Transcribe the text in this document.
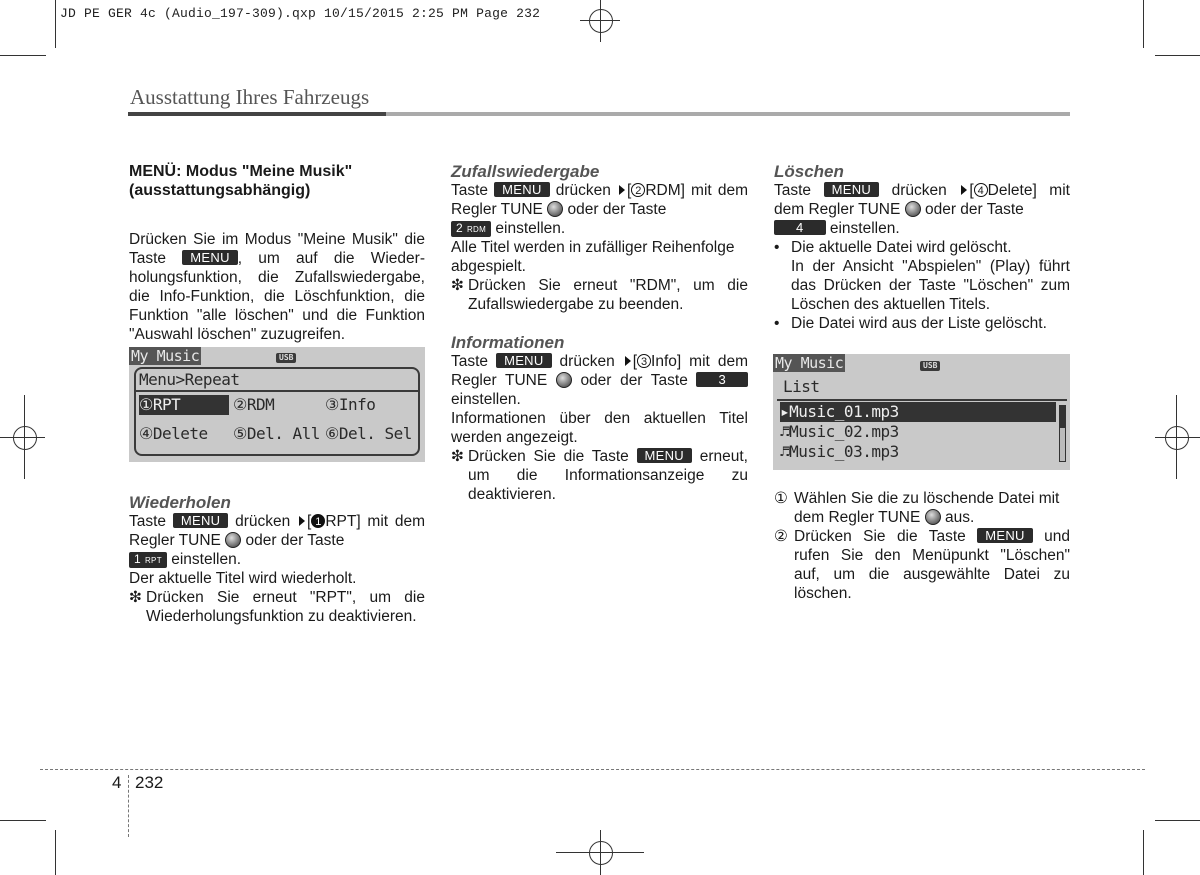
JD PE GER 4c (Audio_197-309).qxp 10/15/2015 2:25 PM Page 232
Ausstattung Ihres Fahrzeugs

MENÜ: Modus "Meine Musik"
(ausstattungsabhängig)

Drücken Sie im Modus "Meine Musik" die Taste MENU , um auf die Wiederholungsfunktion, die Zufallswiedergabe, die Info-Funktion, die Löschfunktion, die Funktion "alle löschen" und die Funktion "Auswahl löschen" zuzugreifen.

My Music	USB
Menu>Repeat
①RPT	②RDM	③Info
④Delete ⑤Del. All ⑥Del. Sel

Wiederholen

Taste MENU drücken [ 1 RPT] mit dem Regler TUNE oder der Taste

1 RPT einstellen.

Der aktuelle Titel wird wiederholt.

❇ Drücken Sie erneut "RPT", um die Wiederholungsfunktion zu deaktivieren.

Zufallswiedergabe

Taste MENU drücken [ 2 RDM] mit dem Regler TUNE oder der Taste

2 RDM einstellen.

Alle Titel werden in zufälliger Reihenfolge abgespielt.

❇ Drücken Sie erneut "RDM", um die Zufallswiedergabe zu beenden.

Informationen

Taste MENU drücken [ 3 Info] mit dem Regler TUNE oder der Taste 3 einstellen.

Informationen über den aktuellen Titel werden angezeigt.

❇ Drücken Sie die Taste MENU erneut, um die Informationsanzeige zu deaktivieren.

Löschen

Taste MENU drücken [ 4 Delete] mit dem Regler TUNE oder der Taste

4 einstellen.

• Die aktuelle Datei wird gelöscht.

In der Ansicht "Abspielen" (Play) führt das Drücken der Taste "Löschen" zum Löschen des aktuellen Titels.
• Die Datei wird aus der Liste gelöscht.
My Music	USB
List
▸Music_01.mp3
♬Music_02.mp3
♬Music_03.mp3
① Wählen Sie die zu löschende Datei mit dem Regler TUNE aus.
② Drücken Sie die Taste MENU und rufen Sie den Menüpunkt "Löschen" auf, um die ausgewählte Datei zu löschen.
4 232
